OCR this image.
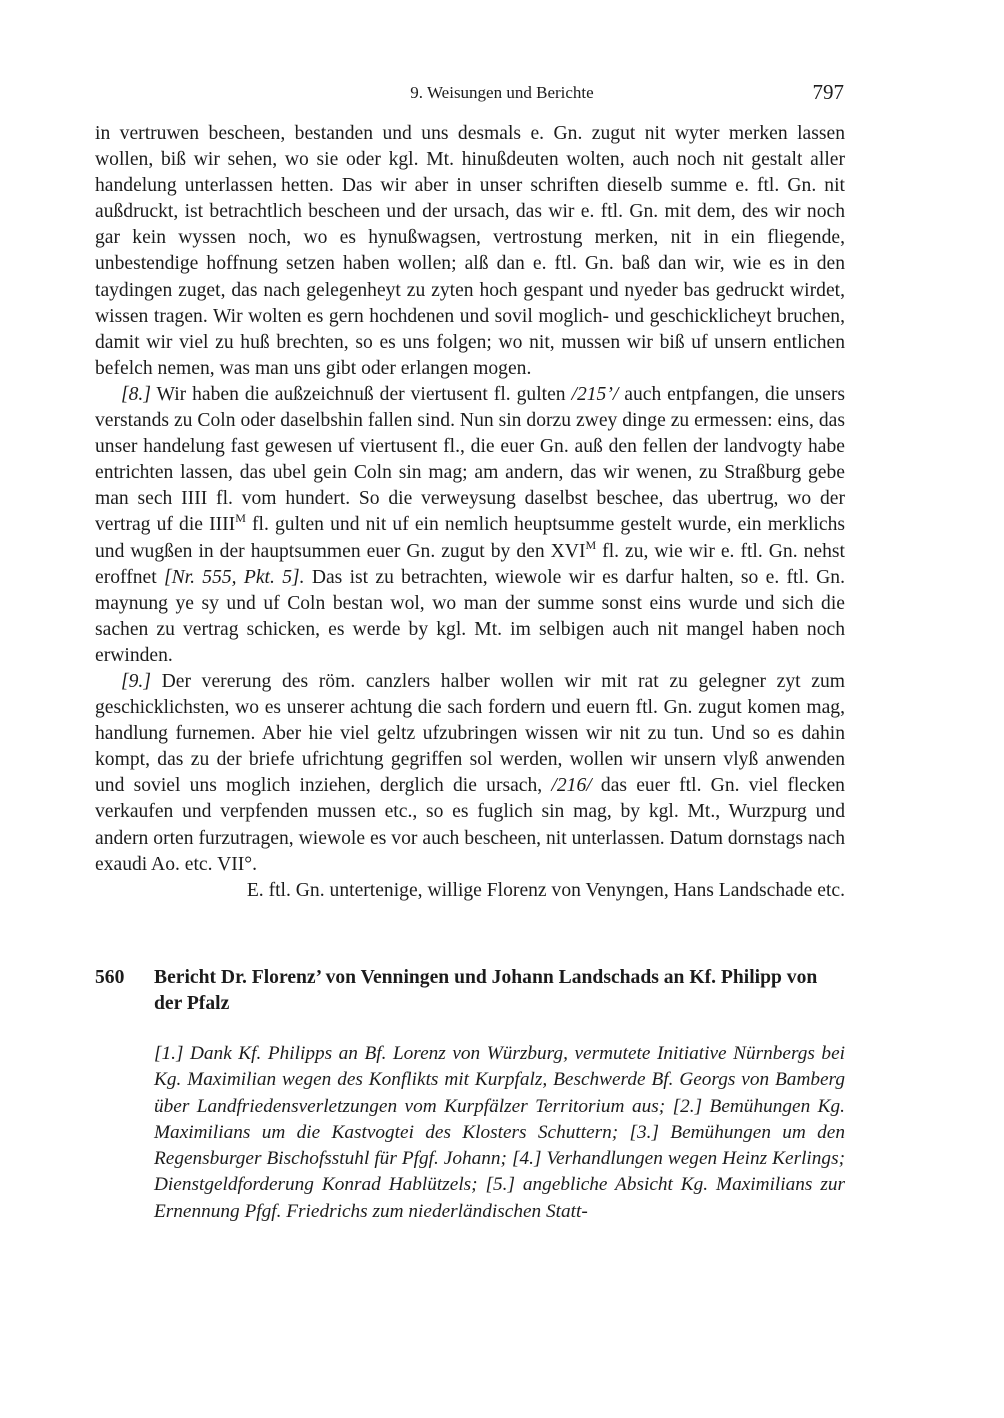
9. Weisungen und Berichte	797

in vertruwen bescheen, bestanden und uns desmals e. Gn. zugut nit wyter merken lassen wollen, biß wir sehen, wo sie oder kgl. Mt. hinußdeuten wolten, auch noch nit gestalt aller handelung unterlassen hetten. Das wir aber in unser schriften dieselb summe e. ftl. Gn. nit außdruckt, ist betrachtlich bescheen und der ursach, das wir e. ftl. Gn. mit dem, des wir noch gar kein wyssen noch, wo es hynußwagsen, vertrostung merken, nit in ein fliegende, unbestendige hoffnung setzen haben wollen; alß dan e. ftl. Gn. baß dan wir, wie es in den taydingen zuget, das nach gelegenheyt zu zyten hoch gespant und nyeder bas gedruckt wirdet, wissen tragen. Wir wolten es gern hochdenen und sovil moglich- und geschicklicheyt bruchen, damit wir viel zu huß brechten, so es uns folgen; wo nit, mussen wir biß uf unsern entlichen befelch nemen, was man uns gibt oder erlangen mogen.

[8.] Wir haben die außzeichnuß der viertusent fl. gulten /215’/ auch entpfangen, die unsers verstands zu Coln oder daselbshin fallen sind. Nun sin dorzu zwey dinge zu ermessen: eins, das unser handelung fast gewesen uf viertusent fl., die euer Gn. auß den fellen der landvogty habe entrichten lassen, das ubel gein Coln sin mag; am andern, das wir wenen, zu Straßburg gebe man sech IIII fl. vom hundert. So die verweysung daselbst beschee, das ubertrug, wo der vertrag uf die $IIII^M$ fl. gulten und nit uf ein nemlich heuptsumme gestelt wurde, ein merklichs und wugßen in der hauptsummen euer Gn. zugut by den $XVI^M$ fl. zu, wie wir e. ftl. Gn. nehst eroffnet [Nr. 555, Pkt. 5]. Das ist zu betrachten, wiewole wir es darfur halten, so e. ftl. Gn. maynung ye sy und uf Coln bestan wol, wo man der summe sonst eins wurde und sich die sachen zu vertrag schicken, es werde by kgl. Mt. im selbigen auch nit mangel haben noch erwinden.

[9.] Der vererung des röm. canzlers halber wollen wir mit rat zu gelegner zyt zum geschicklichsten, wo es unserer achtung die sach fordern und euern ftl. Gn. zugut komen mag, handlung furnemen. Aber hie viel geltz ufzubringen wissen wir nit zu tun. Und so es dahin kompt, das zu der briefe ufrichtung gegriffen sol werden, wollen wir unsern vlyß anwenden und soviel uns moglich inziehen, derglich die ursach, /216/ das euer ftl. Gn. viel flecken verkaufen und verpfenden mussen etc., so es fuglich sin mag, by kgl. Mt., Wurzpurg und andern orten furzutragen, wiewole es vor auch bescheen, nit unterlassen. Datum dornstags nach exaudi Ao. etc. VII°.

E. ftl. Gn. untertenige, willige Florenz von Venyngen, Hans Landschade etc.

560	Bericht Dr. Florenz’ von Venningen und Johann Landschads an Kf. Philipp von der Pfalz
[1.] Dank Kf. Philipps an Bf. Lorenz von Würzburg, vermutete Initiative Nürnbergs bei Kg. Maximilian wegen des Konflikts mit Kurpfalz, Beschwerde Bf. Georgs von Bamberg über Landfriedensverletzungen vom Kurpfälzer Territorium aus; [2.] Bemühungen Kg. Maximilians um die Kastvogtei des Klosters Schuttern; [3.] Bemühungen um den Regensburger Bischofsstuhl für Pfgf. Johann; [4.] Verhandlungen wegen Heinz Kerlings; Dienstgeldforderung Konrad Hablützels; [5.] angebliche Absicht Kg. Maximilians zur Ernennung Pfgf. Friedrichs zum niederländischen Statt-
